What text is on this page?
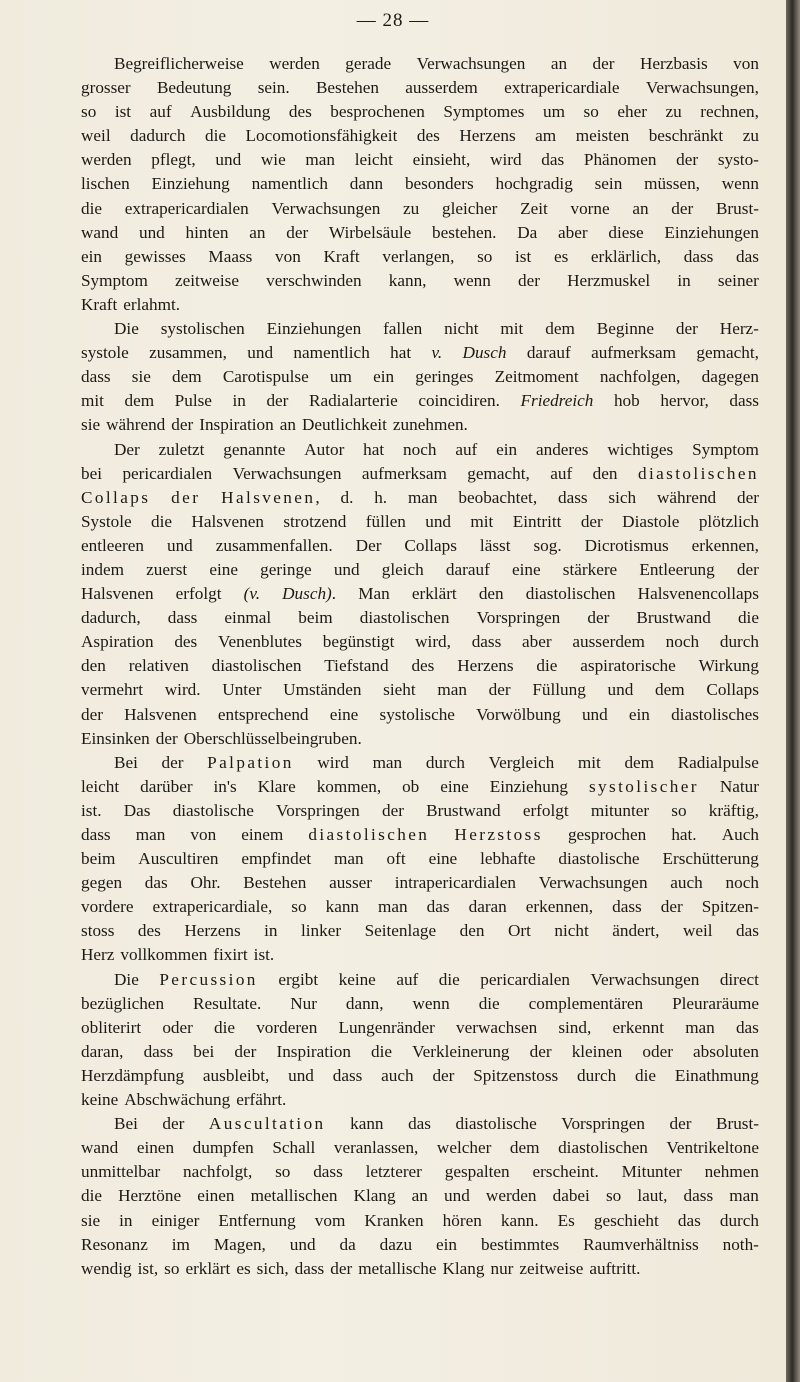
— 28 —
Begreiflicherweise werden gerade Verwachsungen an der Herzbasis von
grosser Bedeutung sein. Bestehen ausserdem extrapericardiale Verwachsungen,
so ist auf Ausbildung des besprochenen Symptomes um so eher zu rechnen,
weil dadurch die Locomotionsfähigkeit des Herzens am meisten beschränkt zu
werden pflegt, und wie man leicht einsieht, wird das Phänomen der systo-
lischen Einziehung namentlich dann besonders hochgradig sein müssen, wenn
die extrapericardialen Verwachsungen zu gleicher Zeit vorne an der Brust-
wand und hinten an der Wirbelsäule bestehen. Da aber diese Einziehungen
ein gewisses Maass von Kraft verlangen, so ist es erklärlich, dass das
Symptom zeitweise verschwinden kann, wenn der Herzmuskel in seiner
Kraft erlahmt.
Die systolischen Einziehungen fallen nicht mit dem Beginne der Herz-
systole zusammen, und namentlich hat v. Dusch darauf aufmerksam gemacht,
dass sie dem Carotispulse um ein geringes Zeitmoment nachfolgen, dagegen
mit dem Pulse in der Radialarterie coincidiren. Friedreich hob hervor, dass
sie während der Inspiration an Deutlichkeit zunehmen.
Der zuletzt genannte Autor hat noch auf ein anderes wichtiges Symptom
bei pericardialen Verwachsungen aufmerksam gemacht, auf den diastolischen
Collaps der Halsvenen, d. h. man beobachtet, dass sich während der
Systole die Halsvenen strotzend füllen und mit Eintritt der Diastole plötzlich
entleeren und zusammenfallen. Der Collaps lässt sog. Dicrotismus erkennen,
indem zuerst eine geringe und gleich darauf eine stärkere Entleerung der
Halsvenen erfolgt (v. Dusch). Man erklärt den diastolischen Halsvenencollaps
dadurch, dass einmal beim diastolischen Vorspringen der Brustwand die
Aspiration des Venenblutes begünstigt wird, dass aber ausserdem noch durch
den relativen diastolischen Tiefstand des Herzens die aspiratorische Wirkung
vermehrt wird. Unter Umständen sieht man der Füllung und dem Collaps
der Halsvenen entsprechend eine systolische Vorwölbung und ein diastolisches
Einsinken der Oberschlüsselbeingruben.
Bei der Palpation wird man durch Vergleich mit dem Radialpulse
leicht darüber in's Klare kommen, ob eine Einziehung systolischer Natur
ist. Das diastolische Vorspringen der Brustwand erfolgt mitunter so kräftig,
dass man von einem diastolischen Herzstoss gesprochen hat. Auch
beim Auscultiren empfindet man oft eine lebhafte diastolische Erschütterung
gegen das Ohr. Bestehen ausser intrapericardialen Verwachsungen auch noch
vordere extrapericardiale, so kann man das daran erkennen, dass der Spitzen-
stoss des Herzens in linker Seitenlage den Ort nicht ändert, weil das
Herz vollkommen fixirt ist.
Die Percussion ergibt keine auf die pericardialen Verwachsungen direct
bezüglichen Resultate. Nur dann, wenn die complementären Pleuraräume
obliterirt oder die vorderen Lungenränder verwachsen sind, erkennt man das
daran, dass bei der Inspiration die Verkleinerung der kleinen oder absoluten
Herzdämpfung ausbleibt, und dass auch der Spitzenstoss durch die Einathmung
keine Abschwächung erfährt.
Bei der Auscultation kann das diastolische Vorspringen der Brust-
wand einen dumpfen Schall veranlassen, welcher dem diastolischen Ventrikeltone
unmittelbar nachfolgt, so dass letzterer gespalten erscheint. Mitunter nehmen
die Herztöne einen metallischen Klang an und werden dabei so laut, dass man
sie in einiger Entfernung vom Kranken hören kann. Es geschieht das durch
Resonanz im Magen, und da dazu ein bestimmtes Raumverhältniss noth-
wendig ist, so erklärt es sich, dass der metallische Klang nur zeitweise auftritt.
